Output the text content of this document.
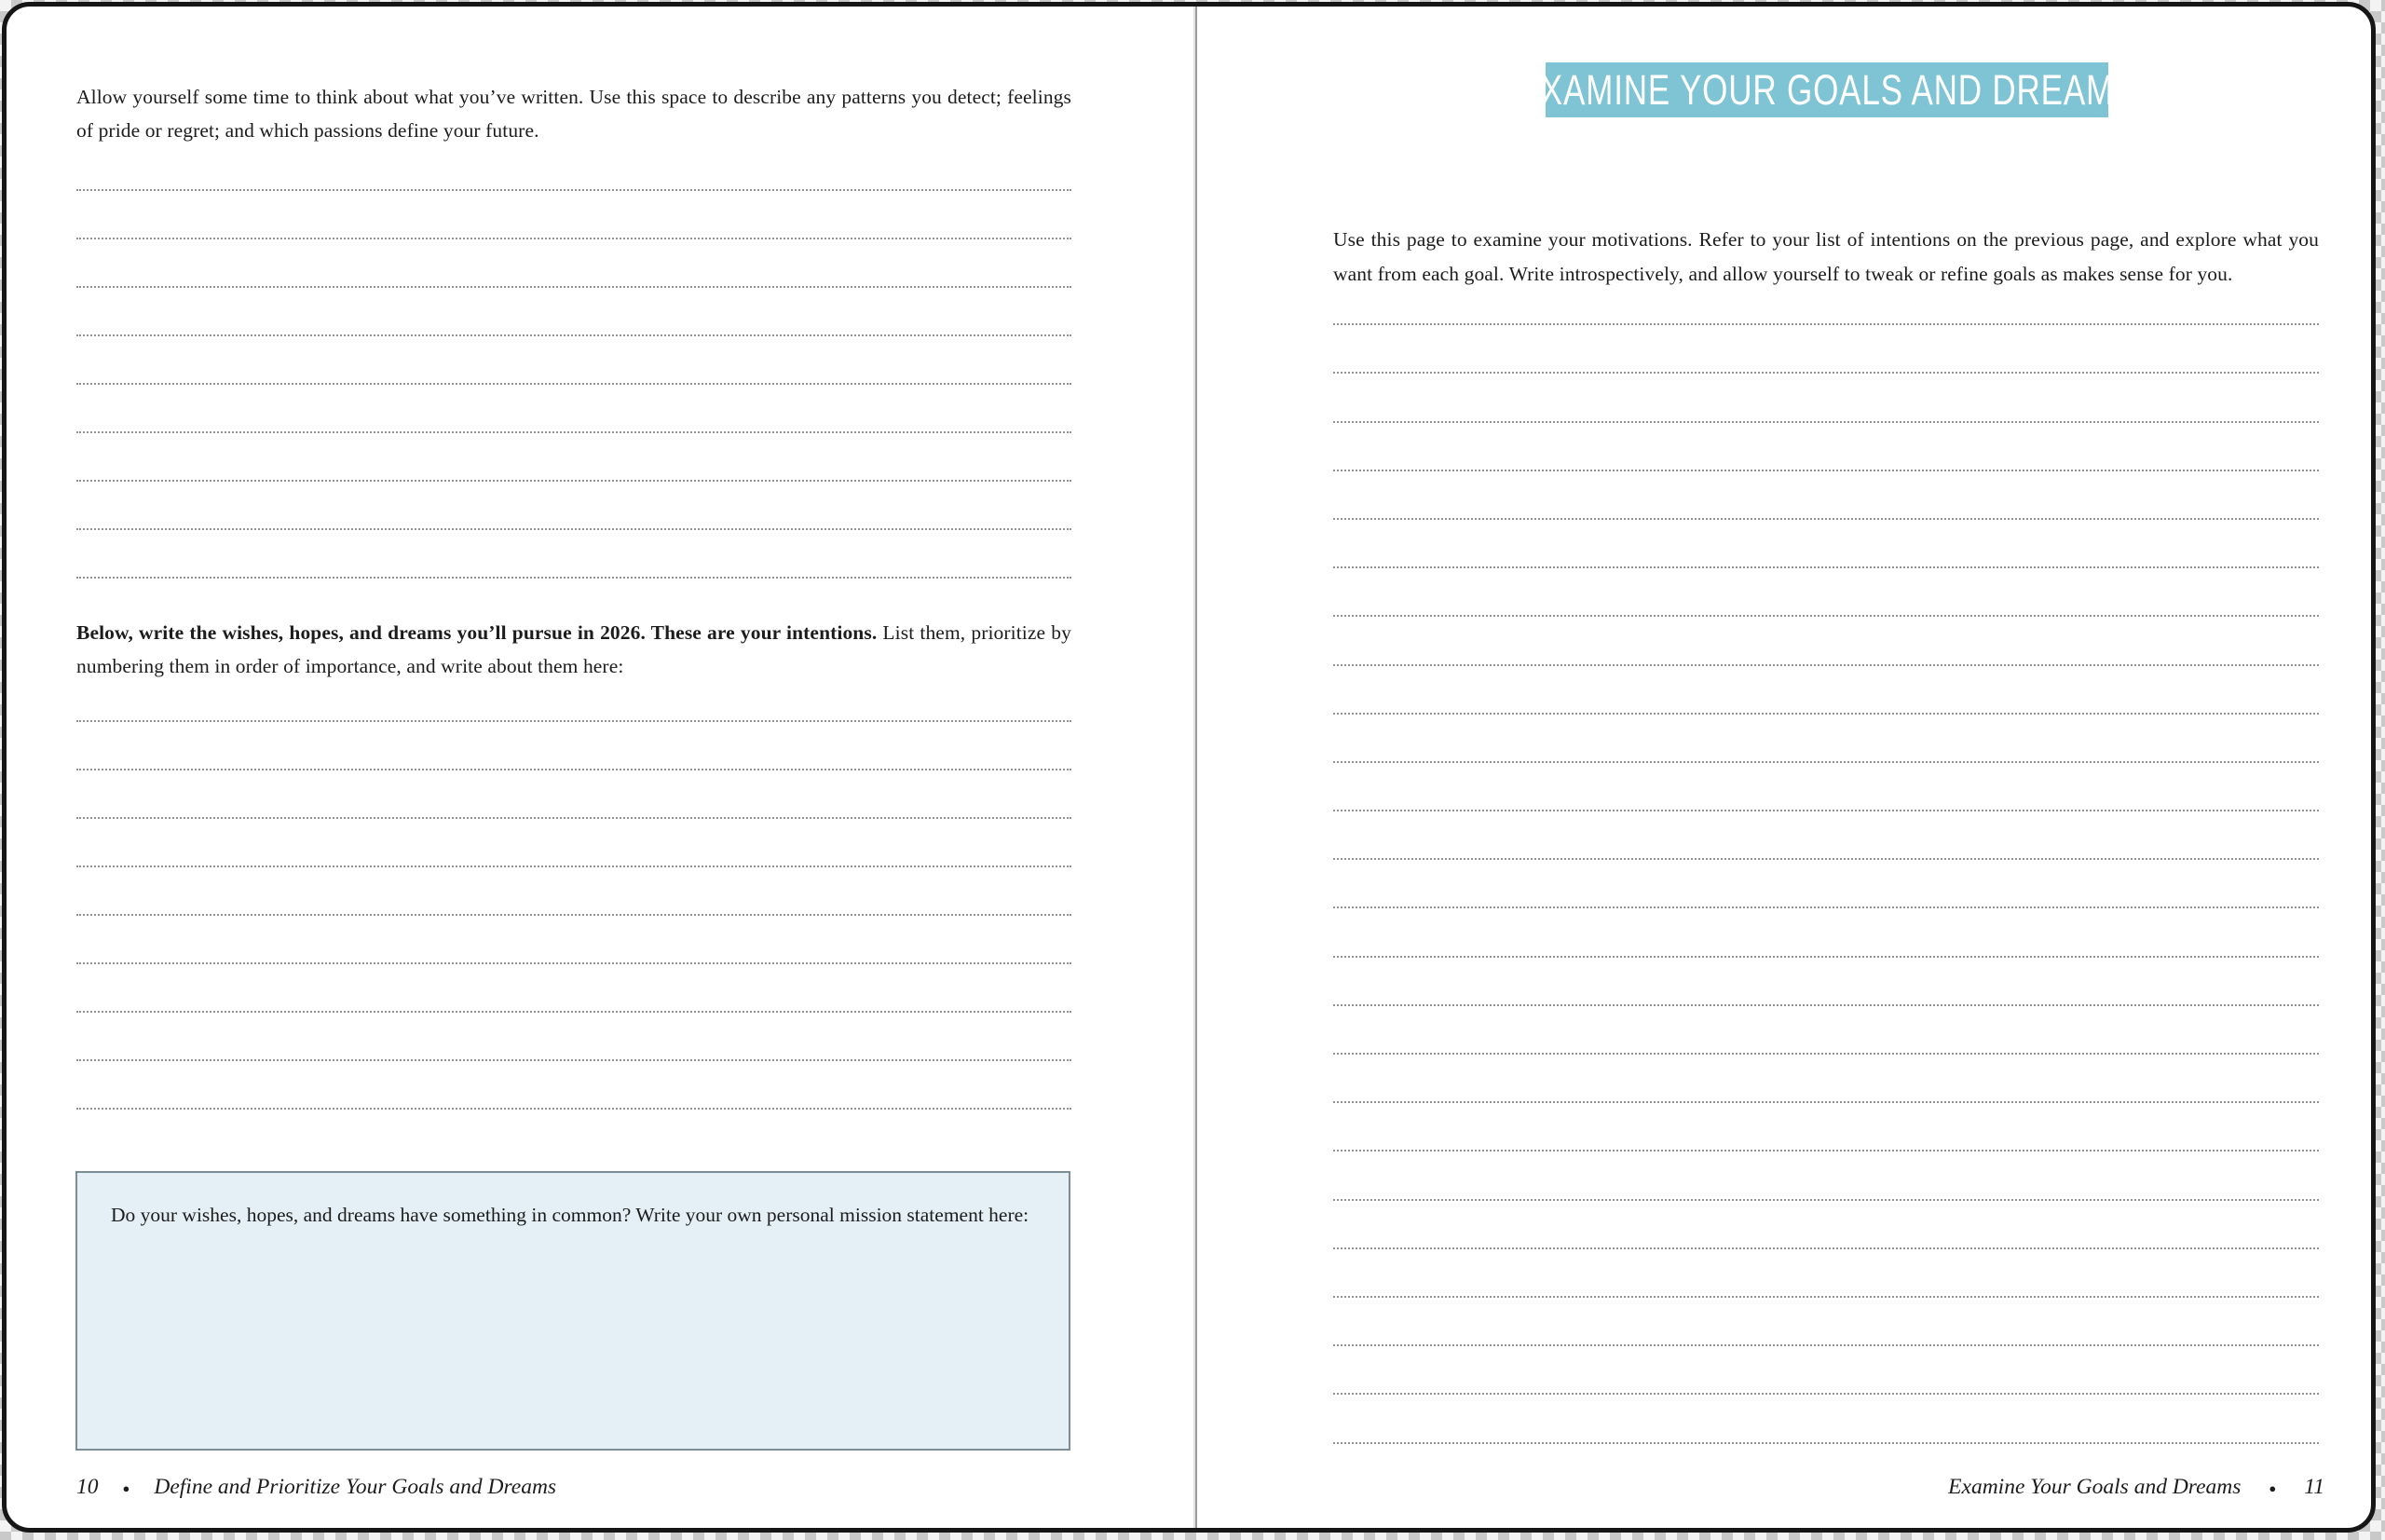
Allow yourself some time to think about what you’ve written. Use this space to describe any patterns you detect; feelings of pride or regret; and which passions define your future.

Below, write the wishes, hopes, and dreams you’ll pursue in 2026. These are your intentions. List them, prioritize by numbering them in order of importance, and write about them here:

Do your wishes, hopes, and dreams have something in common? Write your own personal mission statement here:
10 ● Define and Prioritize Your Goals and Dreams
EXAMINE YOUR GOALS AND DREAMS

Use this page to examine your motivations. Refer to your list of intentions on the previous page, and explore what you want from each goal. Write introspectively, and allow yourself to tweak or refine goals as makes sense for you.

Examine Your Goals and Dreams ● 11
